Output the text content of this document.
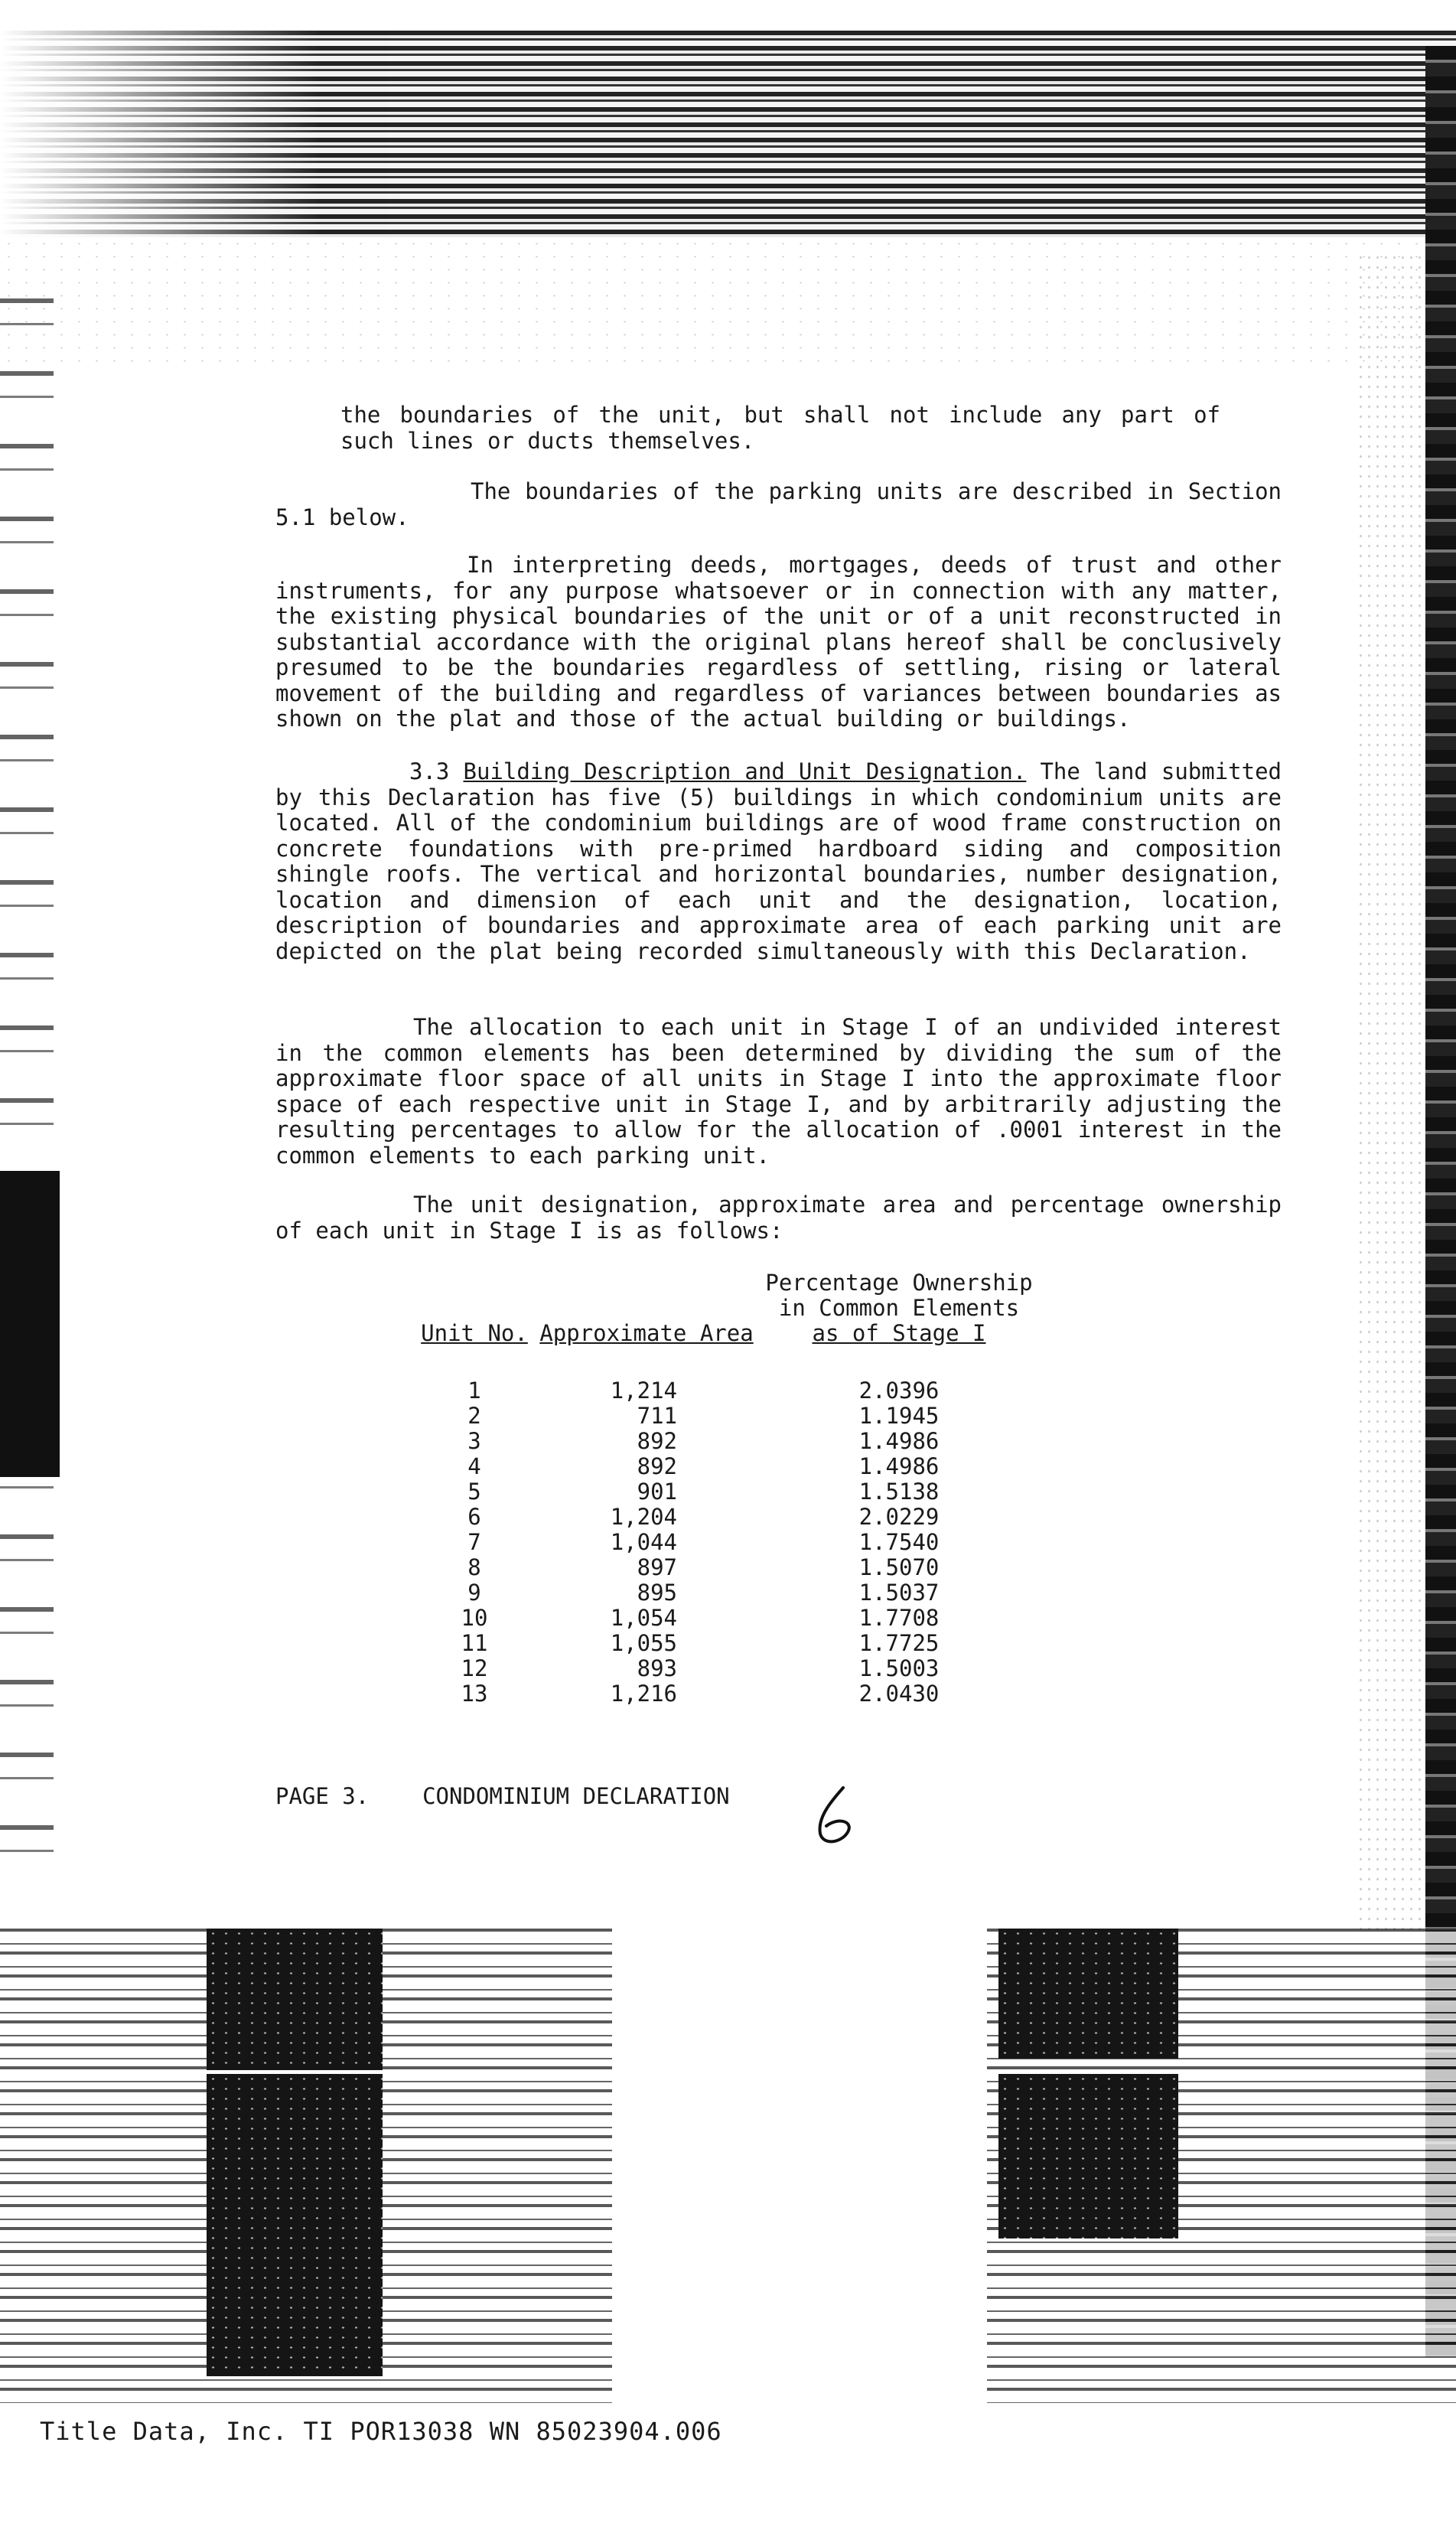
the boundaries of the unit, but shall not include any part of such lines or ducts themselves.

The boundaries of the parking units are described in Section 5.1 below.

In interpreting deeds, mortgages, deeds of trust and other instruments, for any purpose whatsoever or in connection with any matter, the existing physical boundaries of the unit or of a unit reconstructed in substantial accordance with the original plans hereof shall be conclusively presumed to be the boundaries regardless of settling, rising or lateral movement of the building and regardless of variances between boundaries as shown on the plat and those of the actual building or buildings.

3.3 Building Description and Unit Designation. The land submitted by this Declaration has five (5) buildings in which condominium units are located. All of the condominium buildings are of wood frame construction on concrete foundations with pre-primed hardboard siding and composition shingle roofs. The vertical and horizontal boundaries, number designation, location and dimension of each unit and the designation, location, description of boundaries and approximate area of each parking unit are depicted on the plat being recorded simultaneously with this Declaration.

The allocation to each unit in Stage I of an undivided interest in the common elements has been determined by dividing the sum of the approximate floor space of all units in Stage I into the approximate floor space of each respective unit in Stage I, and by arbitrarily adjusting the resulting percentages to allow for the allocation of .0001 interest in the common elements to each parking unit.

The unit designation, approximate area and percentage ownership of each unit in Stage I is as follows:

Unit No.	Approximate Area	Percentage Ownership
in Common Elements
as of Stage I

1	1,214	2.0396
2	711	1.1945
3	892	1.4986
4	892	1.4986
5	901	1.5138
6	1,204	2.0229
7	1,044	1.7540
8	897	1.5070
9	895	1.5037
10	1,054	1.7708
11	1,055	1.7725
12	893	1.5003
13	1,216	2.0430
PAGE 3. CONDOMINIUM DECLARATION
Title Data, Inc. TI POR13038 WN 85023904.006
